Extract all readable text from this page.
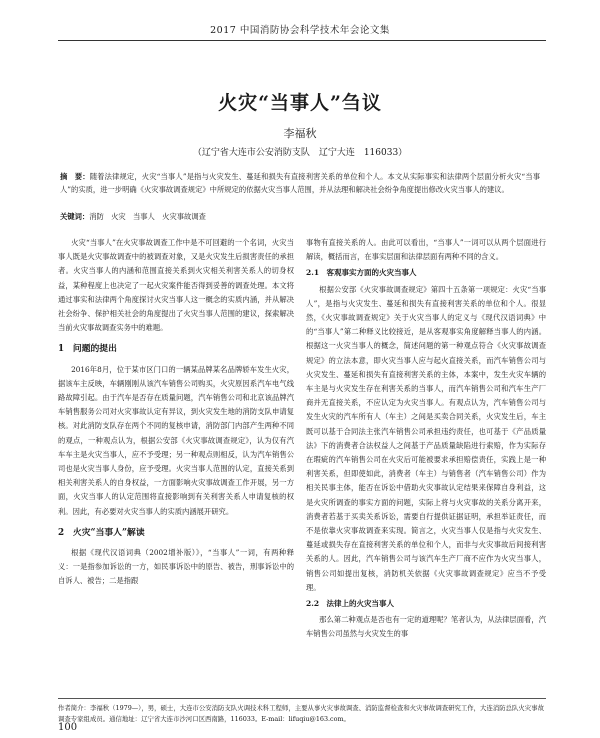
2017 中国消防协会科学技术年会论文集
火灾“当事人”刍议
李福秋
（辽宁省大连市公安消防支队　辽宁大连　116033）
摘　要：随着法律规定，火灾“当事人”是指与火灾发生、蔓延和损失有直接利害关系的单位和个人。本文从实际事实和法律两个层面分析火灾“当事人”的实质，进一步明确《火灾事故调查规定》中所规定的依据火灾当事人范围，并从法理和解决社会纷争角度提出修改火灾当事人的建议。
关键词：消防　火灾　当事人　火灾事故调查

火灾“当事人”在火灾事故调查工作中是不可回避的一个名词，火灾当事人既是火灾事故调查中的被调查对象，又是火灾发生后损害责任的承担者。火灾当事人的内涵和范围直接关系到火灾相关利害关系人的切身权益，某种程度上也决定了一起火灾案件能否得到妥善的调查处理。本文将通过事实和法律两个角度探讨火灾当事人这一概念的实质内涵，并从解决社会纷争、保护相关社会的角度提出了火灾当事人范围的建议，探索解决当前火灾事故调查实务中的难题。

1　问题的提出

2016年8月，位于某市区门口的一辆某品牌某名品牌轿车发生火灾，据该车主反映，车辆刚刚从该汽车销售公司购买，火灾原因系汽车电气线路故障引起。由于汽车是否存在质量问题，汽车销售公司和北京该品牌汽车销售服务公司对火灾事故认定有异议，到火灾发生地的消防支队申请复核。对此消防支队存在两个不同的复核申请，消防部门内部产生两种不同的观点，一种观点认为，根据公安部《火灾事故调查规定》，认为仅有汽车车主是火灾当事人，应不予受理；另一种观点则相反，认为汽车销售公司也是火灾当事人身份，应予受理。火灾当事人范围的认定，直接关系到相关利害关系人的自身权益，一方面影响火灾事故调查工作开展，另一方面，火灾当事人的认定范围将直接影响到有关利害关系人申请复核的权利。因此，有必要对火灾当事人的实质内涵展开研究。

2　火灾“当事人”解读

根据《现代汉语词典（2002增补版）》，“当事人”一词，有两种释义：一是指参加诉讼的一方，如民事诉讼中的原告、被告，刑事诉讼中的自诉人、被告；二是指跟

事物有直接关系的人。由此可以看出，“当事人”一词可以从两个层面进行解读，概括而言，在事实层面和法律层面有两种不同的含义。

2.1　客观事实方面的火灾当事人

根据公安部《火灾事故调查规定》第四十五条第一项规定：火灾“当事人”，是指与火灾发生、蔓延和损失有直接利害关系的单位和个人。很显然，《火灾事故调查规定》关于火灾当事人的定义与《现代汉语词典》中的“当事人”第二种释义比较接近，是从客观事实角度解释当事人的内涵。根据这一火灾当事人的概念，简述问题的第一种观点符合《火灾事故调查规定》的立法本意，即火灾当事人应与起火直接关系，而汽车销售公司与火灾发生、蔓延和损失有直接利害关系的主体，本案中，发生火灾车辆的车主是与火灾发生存在利害关系的当事人，而汽车销售公司和汽车生产厂商并无直接关系，不应认定为火灾当事人。有观点认为，汽车销售公司与发生火灾的汽车所有人（车主）之间是买卖合同关系，火灾发生后，车主既可以基于合同法主张汽车销售公司承担违约责任，也可基于《产品质量法》下的消费者合法权益人之间基于产品质量缺陷进行索赔，作为实际存在瑕疵的汽车销售公司在火灾后可能被要求承担赔偿责任，实践上是一种利害关系，但即使如此，消费者（车主）与销售者（汽车销售公司）作为相关民事主体，能否在诉讼中借助火灾事故认定结果来保障自身利益，这是火灾所调查的事实方面的问题，实际上将与火灾事故的关系分离开来，消费者若基于买卖关系诉讼，需要自行提供证据证明，承担举证责任，而不是依靠火灾事故调查来实现。简言之，火灾当事人仅是指与火灾发生、蔓延或损失存在直接利害关系的单位和个人，而非与火灾事故后间接利害关系的人。因此，汽车销售公司与该汽车生产厂商不应作为火灾当事人，销售公司如提出复核，消防机关依据《火灾事故调查规定》应当不予受理。

2.2　法律上的火灾当事人

那么第二种观点是否也有一定的道理呢？笔者认为，从法律层面看，汽车销售公司虽然与火灾发生的事

作者简介：李福秋（1979—），男，硕士，大连市公安消防支队火调技术科工程师，主要从事火灾事故调查、消防监督检查和火灾事故调查研究工作，大连消防总队火灾事故调查专家组成员。通信地址：辽宁省大连市沙河口区西南路，116033。E-mail：lifuqiu@163.com。

100
